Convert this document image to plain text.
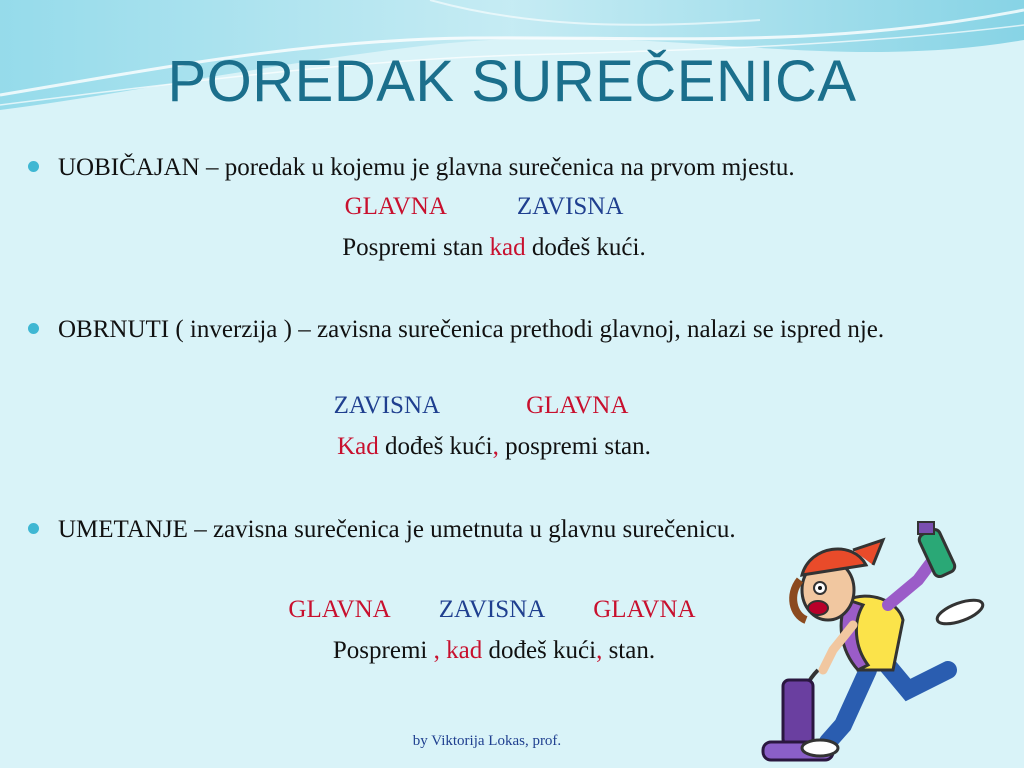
POREDAK SUREČENICA
UOBIČAJAN – poredak u kojemu je glavna surečenica na prvom mjestu.
GLAVNA	ZAVISNA
Pospremi stan kad dođeš kući.
OBRNUTI ( inverzija ) – zavisna surečenica prethodi glavnoj, nalazi se ispred nje.
ZAVISNA	GLAVNA
Kad dođeš kući, pospremi stan.
UMETANJE – zavisna surečenica je umetnuta u glavnu surečenicu.
GLAVNA ZAVISNA GLAVNA
Pospremi , kad dođeš kući, stan.
by Viktorija Lokas, prof.
